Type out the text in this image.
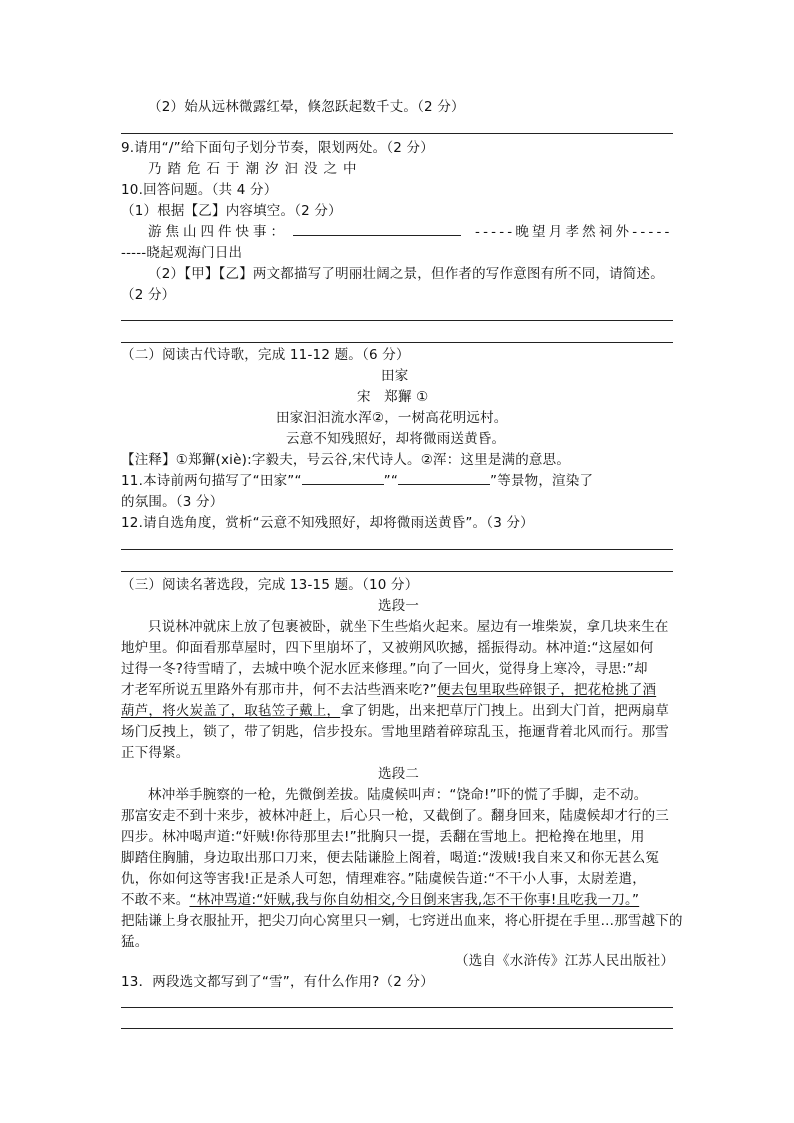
（2）始从远林微露红晕，倏忽跃起数千丈。（2 分）
9.请用“/”给下面句子划分节奏，限划两处。（2 分）
乃踏危石于潮汐汩没之中
10.回答问题。（共 4 分）
（1）根据【乙】内容填空。（2 分）
游焦山四件快事：	-----晚望月孝然祠外-----
-----晓起观海门日出
（2）【甲】【乙】两文都描写了明丽壮阔之景，但作者的写作意图有所不同，请简述。
（2 分）
（二）阅读古代诗歌，完成 11-12 题。（6 分）
田家
宋   郑獬 ①
田家汩汩流水浑②，一树高花明远村。
云意不知残照好，却将微雨送黄昏。
【注释】①郑獬(xiè):字毅夫，号云谷,宋代诗人。②浑：这里是满的意思。
11.本诗前两句描写了“田家”“	”“	”等景物，渲染了
的氛围。（3 分）
12.请自选角度，赏析“云意不知残照好，却将微雨送黄昏”。（3 分）
（三）阅读名著选段，完成 13-15 题。（10 分）
选段一
只说林冲就床上放了包裹被卧，就坐下生些焰火起来。屋边有一堆柴炭，拿几块来生在
地炉里。仰面看那草屋时，四下里崩坏了，又被朔风吹撼，摇振得动。林冲道:“这屋如何
过得一冬?待雪晴了，去城中唤个泥水匠来修理。”向了一回火，觉得身上寒冷，寻思:”却
才老军所说五里路外有那市井，何不去沽些酒来吃?”便去包里取些碎银子，把花枪挑了酒
葫芦，将火炭盖了，取毡笠子戴上，拿了钥匙，出来把草厅门拽上。出到大门首，把两扇草
场门反拽上，锁了，带了钥匙，信步投东。雪地里踏着碎琼乱玉，拖逦背着北风而行。那雪
正下得紧。
选段二
林冲举手腕察的一枪，先微倒差拔。陆虞候叫声：“饶命!”吓的慌了手脚，走不动。
那富安走不到十来步，被林冲赶上，后心只一枪，又截倒了。翻身回来，陆虞候却才行的三
四步。林冲喝声道:“奸贼!你待那里去!”批胸只一提，丢翻在雪地上。把枪搀在地里，用
脚踏住胸脯，身边取出那口刀来，便去陆谦脸上阁着，喝道:“泼贼!我自来又和你无甚么冤
仇，你如何这等害我!正是杀人可恕，情理难容。”陆虞候告道:“不干小人事，太尉差遣，
不敢不来。“林冲骂道:“奸贼,我与你自幼相交,今日倒来害我,怎不干你事!且吃我一刀。”
把陆谦上身衣服扯开，把尖刀向心窝里只一剜，七窍迸出血来，将心肝提在手里…那雪越下的
猛。
（选自《水浒传》江苏人民出版社）
13．两段选文都写到了“雪”，有什么作用?（2 分）
